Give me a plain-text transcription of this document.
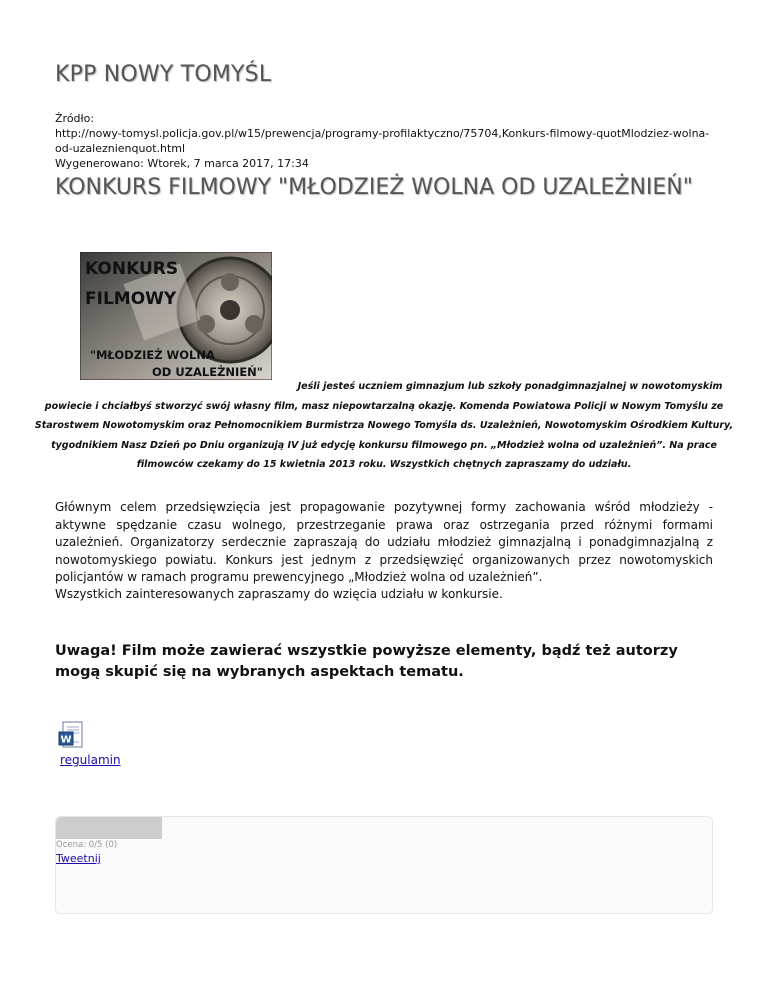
KPP NOWY TOMYŚL
Źródło:
http://nowy-tomysl.policja.gov.pl/w15/prewencja/programy-profilaktyczno/75704,Konkurs-filmowy-quotMlodziez-wolna-od-uzaleznienquot.html
Wygenerowano: Wtorek, 7 marca 2017, 17:34
KONKURS FILMOWY "MŁODZIEŻ WOLNA OD UZALEŻNIEŃ"
KONKURS
FILMOWY
"MŁODZIEŻ WOLNA
OD UZALEŻNIEŃ"
Jeśli jesteś uczniem gimnazjum lub szkoły ponadgimnazjalnej w nowotomyskim powiecie i chciałbyś stworzyć swój własny film, masz niepowtarzalną okazję. Komenda Powiatowa Policji w Nowym Tomyślu ze Starostwem Nowotomyskim oraz Pełnomocnikiem Burmistrza Nowego Tomyśla ds. Uzależnień, Nowotomyskim Ośrodkiem Kultury, tygodnikiem Nasz Dzień po Dniu organizują IV już edycję konkursu filmowego pn. „Młodzież wolna od uzależnień”. Na prace filmowców czekamy do 15 kwietnia 2013 roku. Wszystkich chętnych zapraszamy do udziału.

Głównym celem przedsięwzięcia jest propagowanie pozytywnej formy zachowania wśród młodzieży - aktywne spędzanie czasu wolnego, przestrzeganie prawa oraz ostrzegania przed różnymi formami uzależnień. Organizatorzy serdecznie zapraszają do udziału młodzież gimnazjalną i ponadgimnazjalną z nowotomyskiego powiatu. Konkurs jest jednym z przedsięwzięć organizowanych przez nowotomyskich policjantów w ramach programu prewencyjnego „Młodzież wolna od uzależnień”.

Wszystkich zainteresowanych zapraszamy do wzięcia udziału w konkursie.

Uwaga! Film może zawierać wszystkie powyższe elementy, bądź też autorzy mogą skupić się na wybranych aspektach tematu.

W
regulamin
Ocena: 0/5 (0)
Tweetnij
